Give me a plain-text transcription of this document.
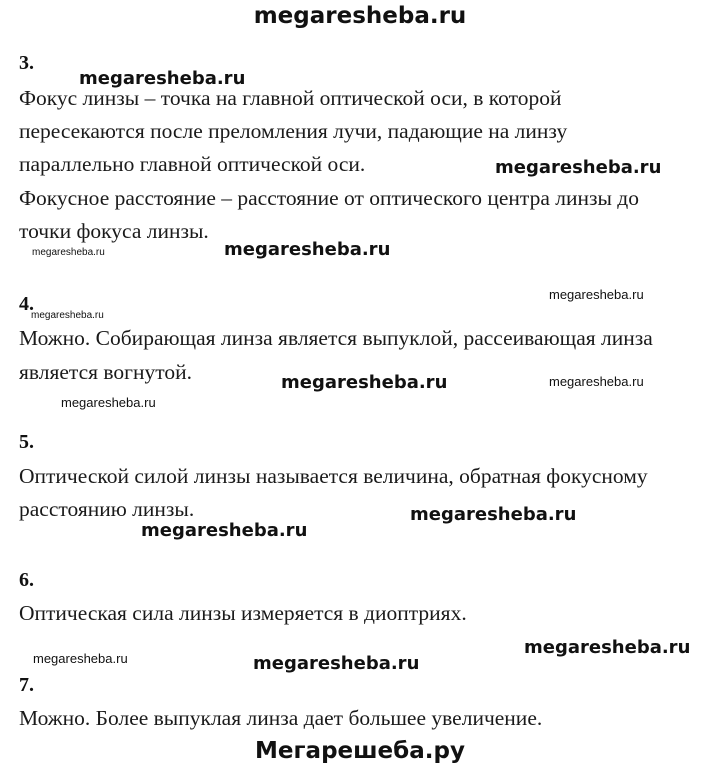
megaresheba.ru
3.
Фокус линзы – точка на главной оптической оси, в которой
пересекаются после преломления лучи, падающие на линзу
параллельно главной оптической оси.
Фокусное расстояние – расстояние от оптического центра линзы до
точки фокуса линзы.
4.
Можно. Собирающая линза является выпуклой, рассеивающая линза
является вогнутой.
5.
Оптической силой линзы называется величина, обратная фокусному
расстоянию линзы.
6.
Оптическая сила линзы измеряется в диоптриях.
7.
Можно. Более выпуклая линза дает большее увеличение.
megaresheba.ru
megaresheba.ru
megaresheba.ru
megaresheba.ru
megaresheba.ru
megaresheba.ru
megaresheba.ru	megaresheba.ru
megaresheba.ru
megaresheba.ru
megaresheba.ru
megaresheba.ru
megaresheba.ru	megaresheba.ru
Мегарешеба.ру
